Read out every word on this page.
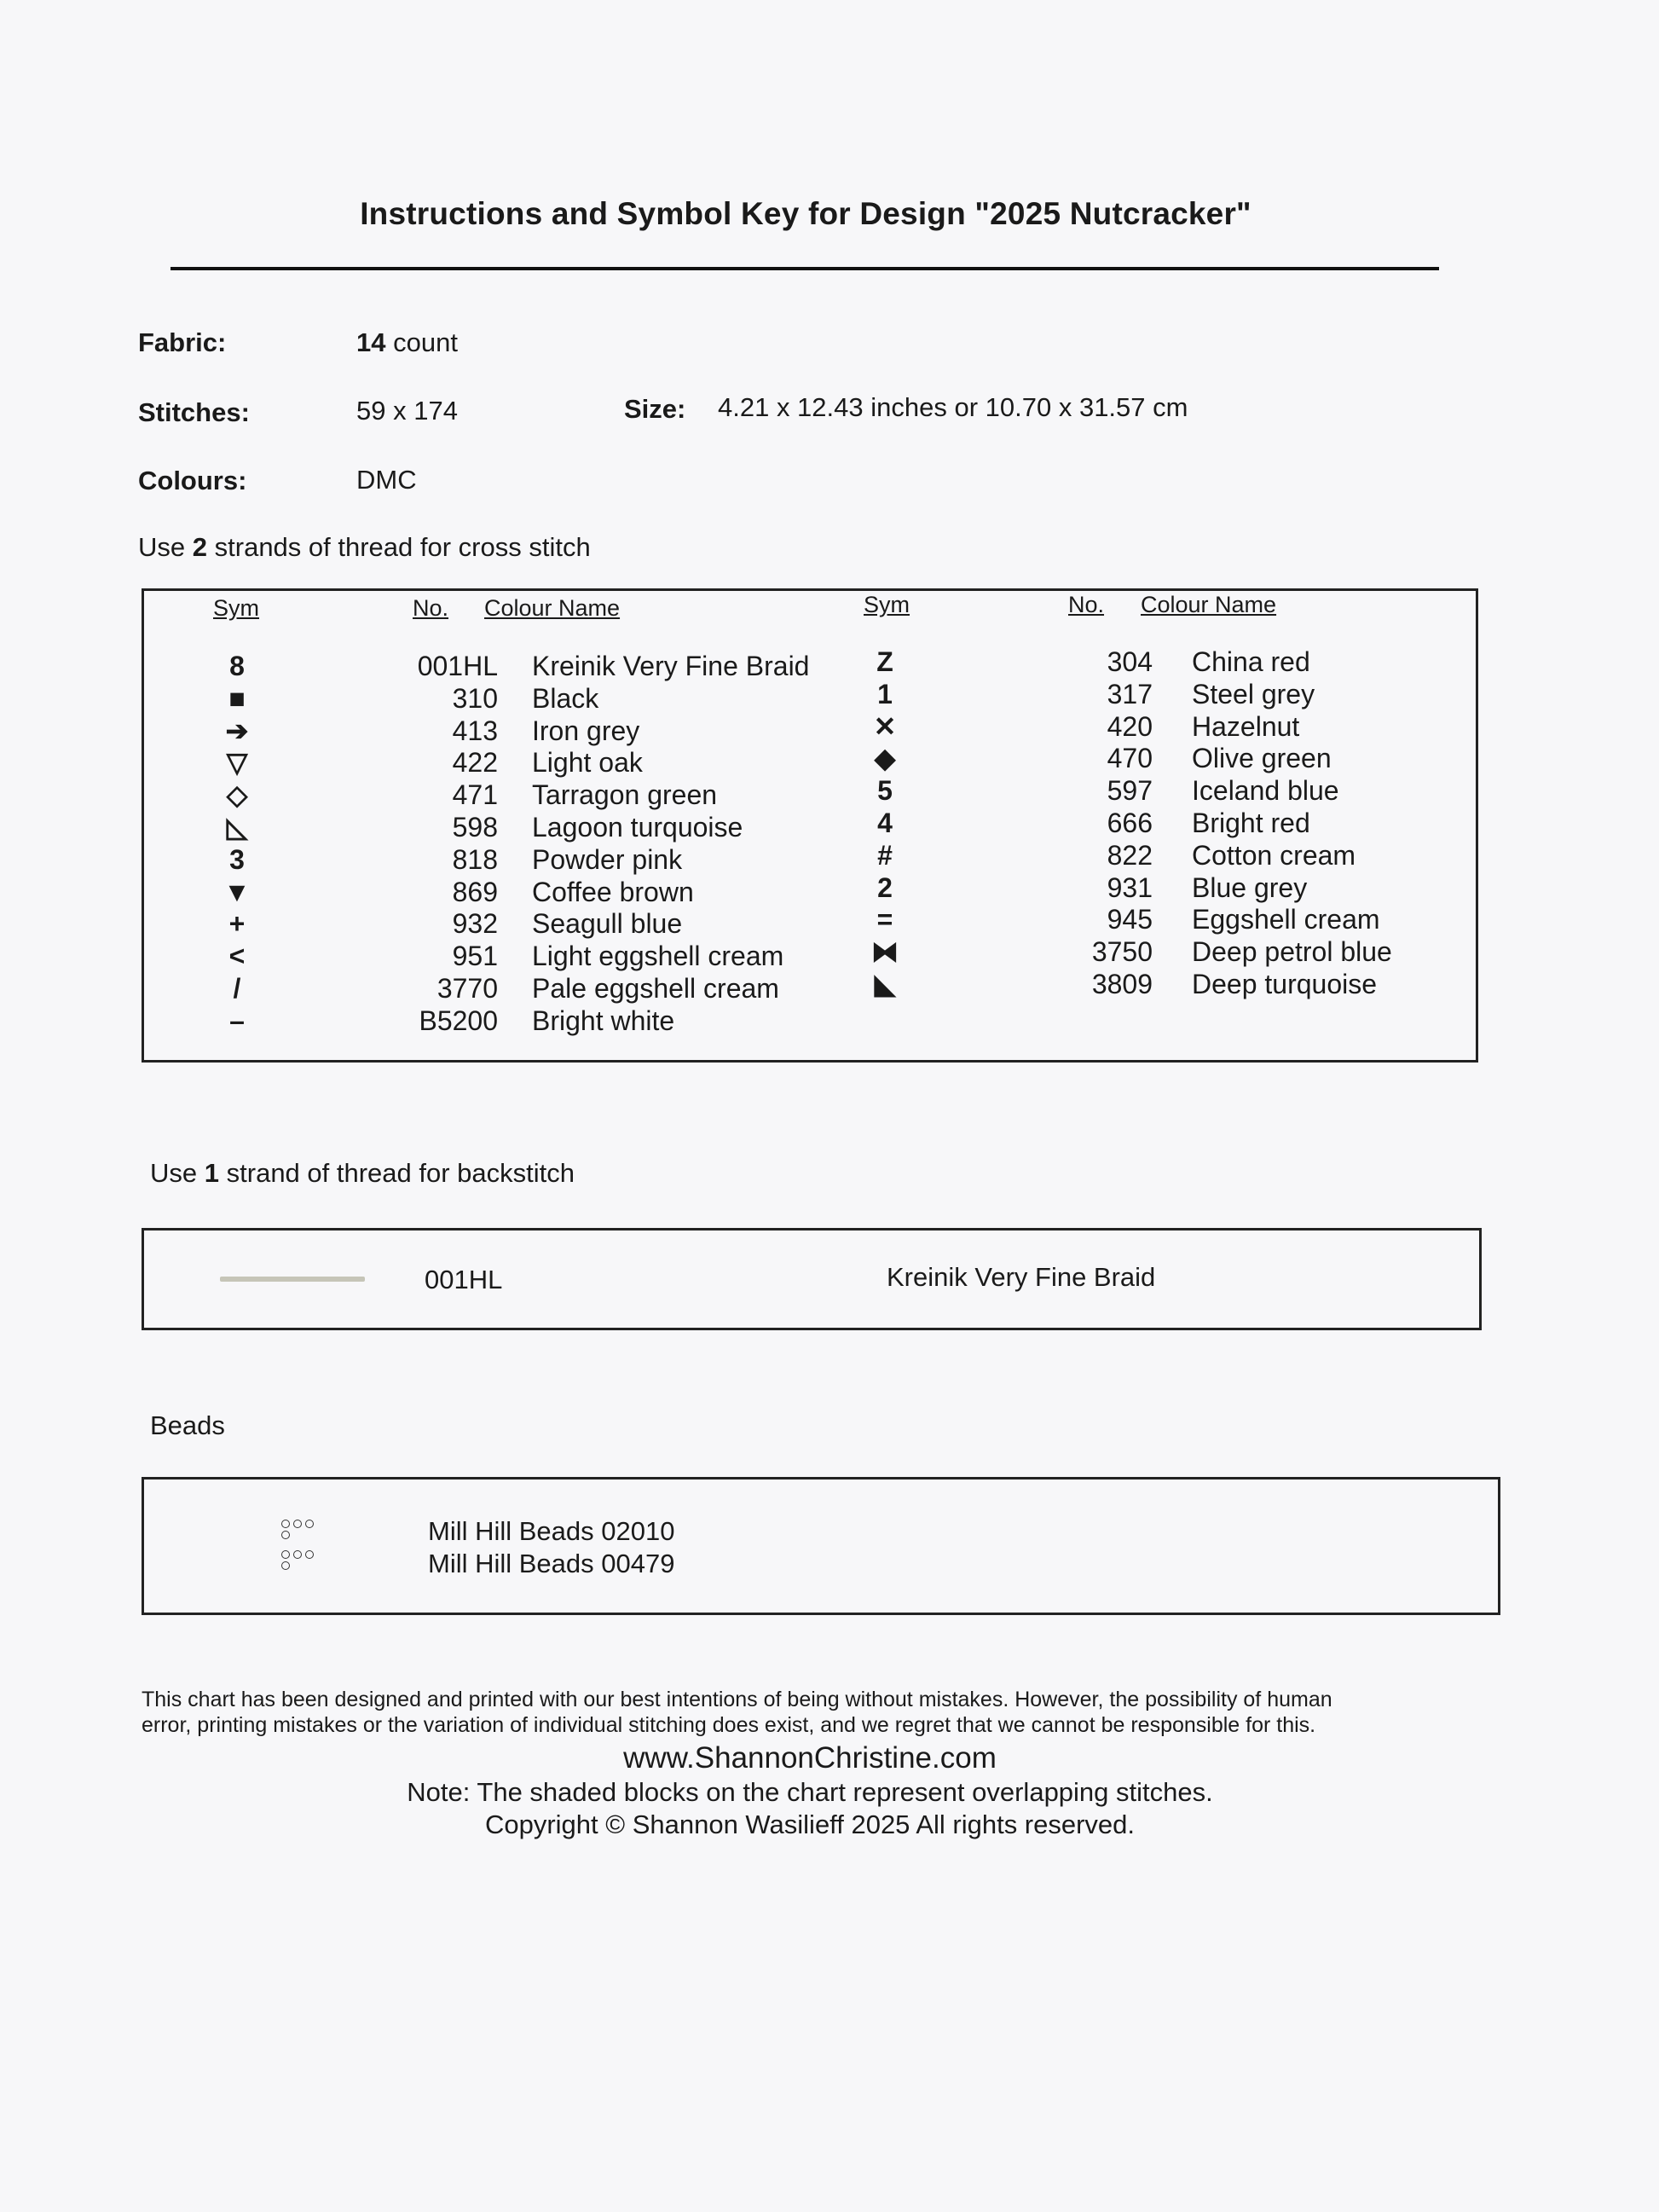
Instructions and Symbol Key for Design "2025 Nutcracker"
Fabric:	14 count
Stitches:	59 x 174	Size: 4.21 x 12.43 inches or 10.70 x 31.57 cm
Colours:	DMC
Use 2 strands of thread for cross stitch
Sym	No. Colour Name	Sym	No. Colour Name
8	001HL Kreinik Very Fine Braid
■	310 Black
➔	413 Iron grey
▽	422 Light oak
◇	471 Tarragon green
◺	598 Lagoon turquoise
3	818 Powder pink
▼	869 Coffee brown
+	932 Seagull blue
<	951 Light eggshell cream
/	3770 Pale eggshell cream
–	B5200 Bright white
Z	304 China red
1	317 Steel grey
✕	420 Hazelnut
◆	470 Olive green
5	597 Iceland blue
4	666 Bright red
#	822 Cotton cream
2	931 Blue grey
=	945 Eggshell cream
⧓	3750 Deep petrol blue
◣	3809 Deep turquoise
Use 1 strand of thread for backstitch
001HL	Kreinik Very Fine Braid
Beads
Mill Hill Beads 02010
Mill Hill Beads 00479
This chart has been designed and printed with our best intentions of being without mistakes. However, the possibility of human
error, printing mistakes or the variation of individual stitching does exist, and we regret that we cannot be responsible for this.
www.ShannonChristine.com
Note: The shaded blocks on the chart represent overlapping stitches.
Copyright © Shannon Wasilieff 2025 All rights reserved.
